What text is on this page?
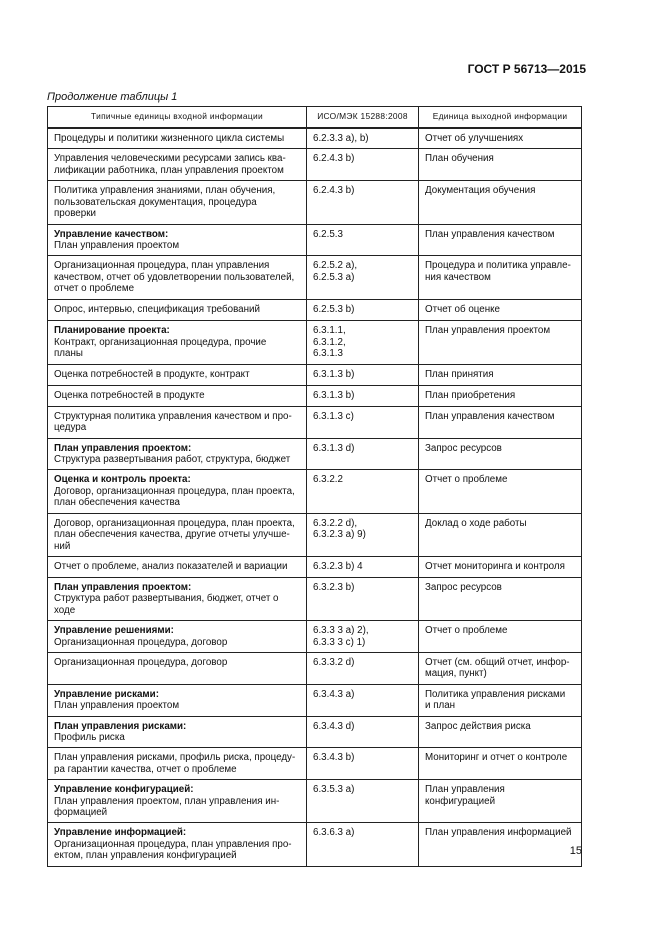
ГОСТ Р 56713—2015
Продолжение таблицы 1
Типичные единицы входной информации	ИСО/МЭК 15288:2008	Единица выходной информации

Процедуры и политики жизненного цикла системы	6.2.3.3 а), b)	Отчет об улучшениях

Управления человеческими ресурсами запись ква-
лификации работника, план управления проектом	6.2.4.3 b)	План обучения

Политика управления знаниями, план обучения,
пользовательская документация, процедура проверки	6.2.4.3 b)	Документация обучения

Управление качеством:
План управления проектом	6.2.5.3	План управления качеством

Организационная процедура, план управления
качеством, отчет об удовлетворении пользователей,
отчет о проблеме	6.2.5.2 а),
6.2.5.3 а)	Процедура и политика управле-
ния качеством

Опрос, интервью, спецификация требований	6.2.5.3 b)	Отчет об оценке

Планирование проекта:
Контракт, организационная процедура, прочие
планы	6.3.1.1,
6.3.1.2,
6.3.1.3	План управления проектом

Оценка потребностей в продукте, контракт	6.3.1.3 b)	План принятия

Оценка потребностей в продукте	6.3.1.3 b)	План приобретения

Структурная политика управления качеством и про-
цедура	6.3.1.3 c)	План управления качеством

План управления проектом:
Структура развертывания работ, структура, бюджет	6.3.1.3 d)	Запрос ресурсов

Оценка и контроль проекта:
Договор, организационная процедура, план проекта,
план обеспечения качества	6.3.2.2	Отчет о проблеме

Договор, организационная процедура, план проекта,
план обеспечения качества, другие отчеты улучше-
ний	6.3.2.2 d),
6.3.2.3 а) 9)	Доклад о ходе работы

Отчет о проблеме, анализ показателей и вариации	6.3.2.3 b) 4	Отчет мониторинга и контроля

План управления проектом:
Структура работ развертывания, бюджет, отчет о
ходе	6.3.2.3 b)	Запрос ресурсов

Управление решениями:
Организационная процедура, договор	6.3.3 3 а) 2),
6.3.3 3 c) 1)	Отчет о проблеме

Организационная процедура, договор	6.3.3.2 d)	Отчет (см. общий отчет, инфор-
мация, пункт)

Управление рисками:
План управления проектом	6.3.4.3 а)	Политика управления рисками
и план

План управления рисками:
Профиль риска	6.3.4.3 d)	Запрос действия риска

План управления рисками, профиль риска, процеду-
ра гарантии качества, отчет о проблеме	6.3.4.3 b)	Мониторинг и отчет о контроле

Управление конфигурацией:
План управления проектом, план управления ин-
формацией	6.3.5.3 а)	План управления
конфигурацией

Управление информацией:
Организационная процедура, план управления про-
ектом, план управления конфигурацией	6.3.6.3 а)	План управления информацией
15
